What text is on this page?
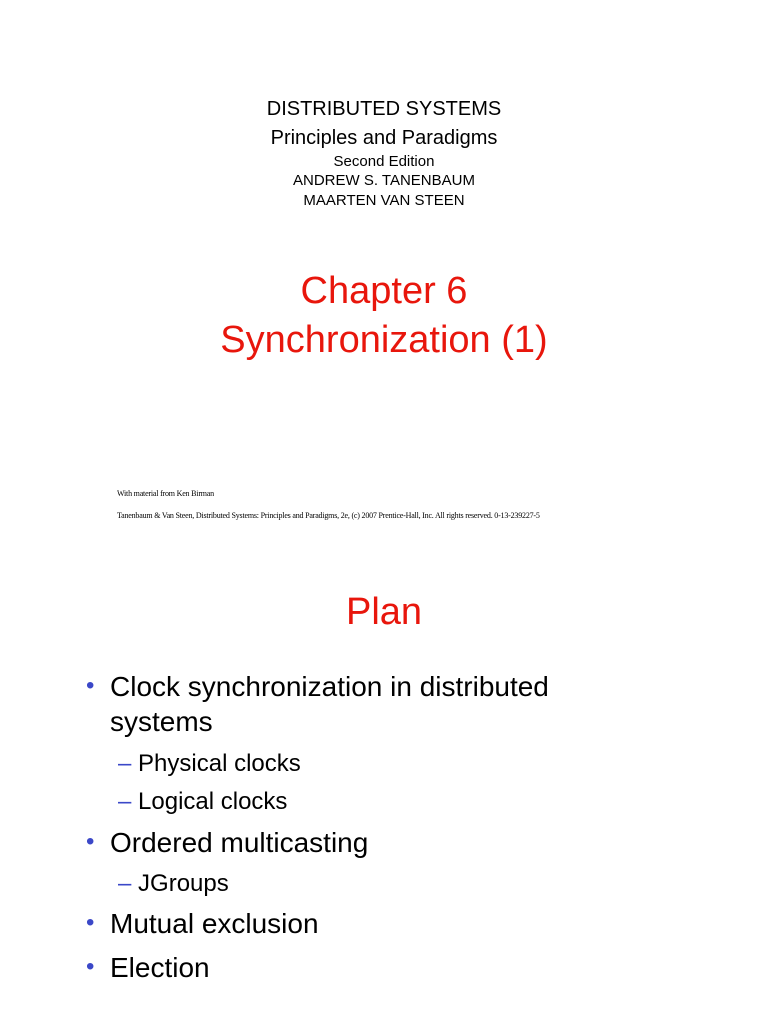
DISTRIBUTED SYSTEMS
Principles and Paradigms
Second Edition
ANDREW S. TANENBAUM
MAARTEN VAN STEEN
Chapter 6
Synchronization (1)
With material from Ken Birman
Tanenbaum & Van Steen, Distributed Systems: Principles and Paradigms, 2e, (c) 2007 Prentice-Hall, Inc. All rights reserved. 0-13-239227-5
Plan
• Clock synchronization in distributed
systems
– Physical clocks
– Logical clocks
• Ordered multicasting
– JGroups
• Mutual exclusion
• Election
